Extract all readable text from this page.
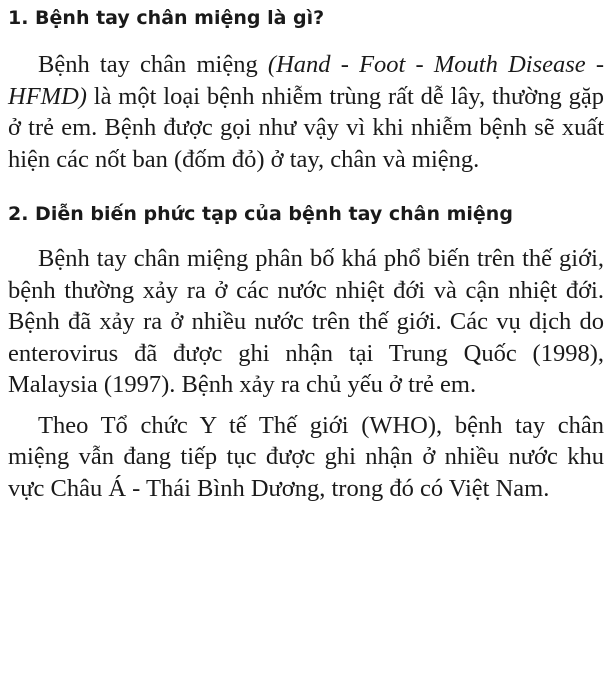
1. Bệnh tay chân miệng là gì?

Bệnh tay chân miệng (Hand - Foot - Mouth Disease - HFMD) là một loại bệnh nhiễm trùng rất dễ lây, thường gặp ở trẻ em. Bệnh được gọi như vậy vì khi nhiễm bệnh sẽ xuất hiện các nốt ban (đốm đỏ) ở tay, chân và miệng.

2. Diễn biến phức tạp của bệnh tay chân miệng

Bệnh tay chân miệng phân bố khá phổ biến trên thế giới, bệnh thường xảy ra ở các nước nhiệt đới và cận nhiệt đới. Bệnh đã xảy ra ở nhiều nước trên thế giới. Các vụ dịch do enterovirus đã được ghi nhận tại Trung Quốc (1998), Malaysia (1997). Bệnh xảy ra chủ yếu ở trẻ em.

Theo Tổ chức Y tế Thế giới (WHO), bệnh tay chân miệng vẫn đang tiếp tục được ghi nhận ở nhiều nước khu vực Châu Á - Thái Bình Dương, trong đó có Việt Nam.
